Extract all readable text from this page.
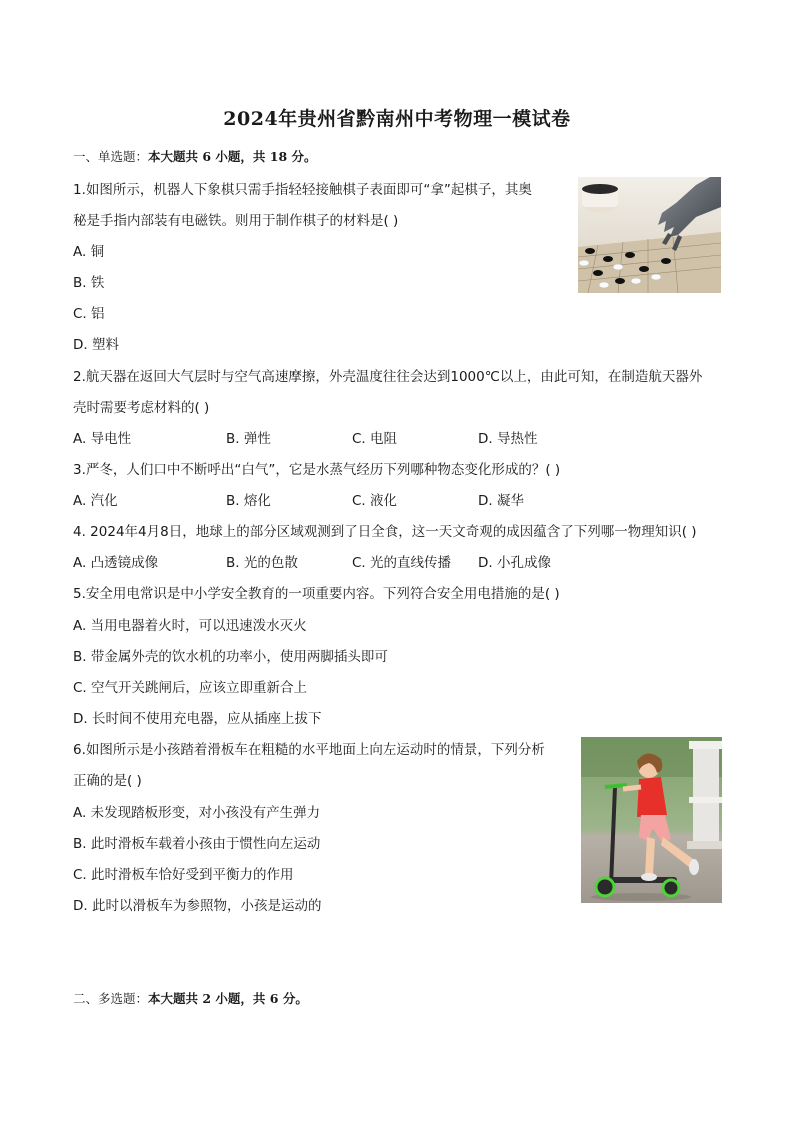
2024年贵州省黔南州中考物理一模试卷
一、单选题：本大题共 6 小题，共 18 分。
1.如图所示，机器人下象棋只需手指轻轻接触棋子表面即可“拿”起棋子，其奥
秘是手指内部装有电磁铁。则用于制作棋子的材料是( )
A. 铜
B. 铁
C. 铝
D. 塑料
2.航天器在返回大气层时与空气高速摩擦，外壳温度往往会达到1000℃以上，由此可知，在制造航天器外
壳时需要考虑材料的( )
A. 导电性	B. 弹性	C. 电阻	D. 导热性
3.严冬，人们口中不断呼出“白气”，它是水蒸气经历下列哪种物态变化形成的？( )
A. 汽化	B. 熔化	C. 液化	D. 凝华
4. 2024年4月8日，地球上的部分区域观测到了日全食，这一天文奇观的成因蕴含了下列哪一物理知识( )
A. 凸透镜成像	B. 光的色散	C. 光的直线传播 D. 小孔成像
5.安全用电常识是中小学安全教育的一项重要内容。下列符合安全用电措施的是( )
A. 当用电器着火时，可以迅速泼水灭火
B. 带金属外壳的饮水机的功率小，使用两脚插头即可
C. 空气开关跳闸后，应该立即重新合上
D. 长时间不使用充电器，应从插座上拔下
6.如图所示是小孩踏着滑板车在粗糙的水平地面上向左运动时的情景，下列分析
正确的是( )
A. 未发现踏板形变，对小孩没有产生弹力
B. 此时滑板车载着小孩由于惯性向左运动
C. 此时滑板车恰好受到平衡力的作用
D. 此时以滑板车为参照物，小孩是运动的
二、多选题：本大题共 2 小题，共 6 分。
